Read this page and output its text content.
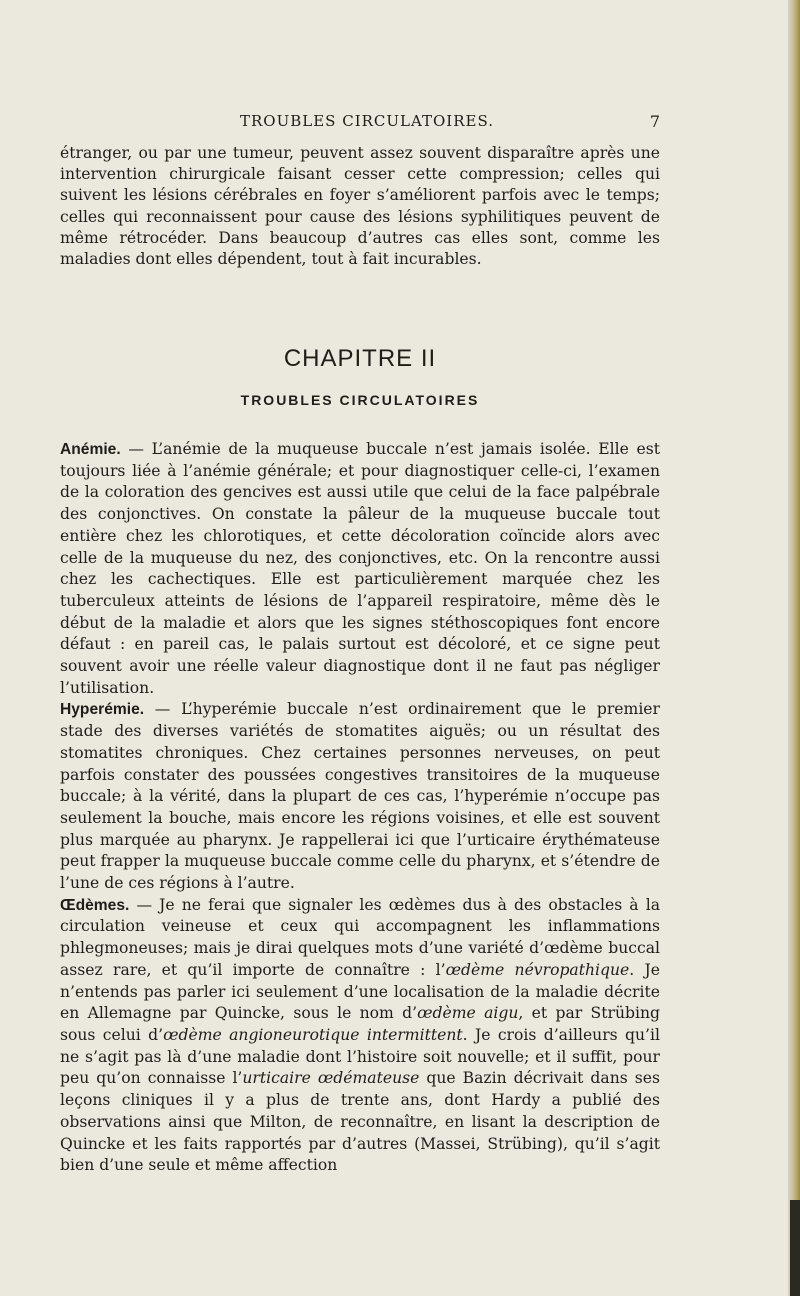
TROUBLES CIRCULATOIRES.	7

étranger, ou par une tumeur, peuvent assez souvent disparaître après une intervention chirurgicale faisant cesser cette compression; celles qui suivent les lésions cérébrales en foyer s’améliorent parfois avec le temps; celles qui reconnaissent pour cause des lésions syphilitiques peuvent de même rétrocéder. Dans beaucoup d’autres cas elles sont, comme les maladies dont elles dépendent, tout à fait incurables.

CHAPITRE II
TROUBLES CIRCULATOIRES

Anémie. — L’anémie de la muqueuse buccale n’est jamais isolée. Elle est toujours liée à l’anémie générale; et pour diagnostiquer celle-ci, l’examen de la coloration des gencives est aussi utile que celui de la face palpébrale des conjonctives. On constate la pâleur de la muqueuse buccale tout entière chez les chlorotiques, et cette décoloration coïncide alors avec celle de la muqueuse du nez, des conjonctives, etc. On la rencontre aussi chez les cachectiques. Elle est particulièrement marquée chez les tuberculeux atteints de lésions de l’appareil respiratoire, même dès le début de la maladie et alors que les signes stéthoscopiques font encore défaut : en pareil cas, le palais surtout est décoloré, et ce signe peut souvent avoir une réelle valeur diagnostique dont il ne faut pas négliger l’utilisation.

Hyperémie. — L’hyperémie buccale n’est ordinairement que le premier stade des diverses variétés de stomatites aiguës; ou un résultat des stomatites chroniques. Chez certaines personnes nerveuses, on peut parfois constater des poussées congestives transitoires de la muqueuse buccale; à la vérité, dans la plupart de ces cas, l’hyperémie n’occupe pas seulement la bouche, mais encore les régions voisines, et elle est souvent plus marquée au pharynx. Je rappellerai ici que l’urticaire érythémateuse peut frapper la muqueuse buccale comme celle du pharynx, et s’étendre de l’une de ces régions à l’autre.

Œdèmes. — Je ne ferai que signaler les œdèmes dus à des obstacles à la circulation veineuse et ceux qui accompagnent les inflammations phlegmoneuses; mais je dirai quelques mots d’une variété d’œdème buccal assez rare, et qu’il importe de connaître : l’œdème névropathique. Je n’entends pas parler ici seulement d’une localisation de la maladie décrite en Allemagne par Quincke, sous le nom d’œdème aigu, et par Strübing sous celui d’œdème angioneurotique intermittent. Je crois d’ailleurs qu’il ne s’agit pas là d’une maladie dont l’histoire soit nouvelle; et il suffit, pour peu qu’on connaisse l’urticaire œdémateuse que Bazin décrivait dans ses leçons cliniques il y a plus de trente ans, dont Hardy a publié des observations ainsi que Milton, de reconnaître, en lisant la description de Quincke et les faits rapportés par d’autres (Massei, Strübing), qu’il s’agit bien d’une seule et même affection
